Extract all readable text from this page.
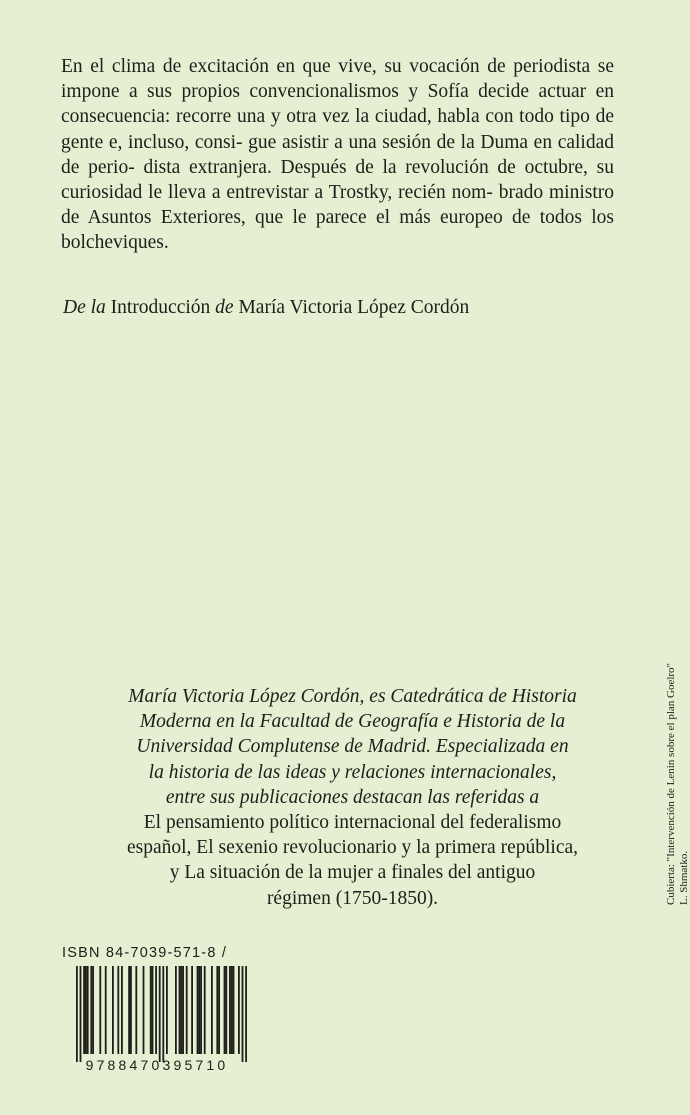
En el clima de excitación en que vive, su vocación de periodista se impone a sus propios convencionalismos y Sofía decide actuar en consecuencia: recorre una y otra vez la ciudad, habla con todo tipo de gente e, incluso, consi- gue asistir a una sesión de la Duma en calidad de perio- dista extranjera. Después de la revolución de octubre, su curiosidad le lleva a entrevistar a Trostky, recién nom- brado ministro de Asuntos Exteriores, que le parece el más europeo de todos los bolcheviques.

De la Introducción de María Victoria López Cordón
María Victoria López Cordón, es Catedrática de Historia
Moderna en la Facultad de Geografía e Historia de la
Universidad Complutense de Madrid. Especializada en
la historia de las ideas y relaciones internacionales,
entre sus publicaciones destacan las referidas a
El pensamiento político internacional del federalismo
español, El sexenio revolucionario y la primera república,
y La situación de la mujer a finales del antiguo
régimen (1750-1850).	Cubierta: "Intervención de Lenin sobre el plan Goelro" L. Shmatko.
ISBN 84-7039-571-8 /
9788470395710
